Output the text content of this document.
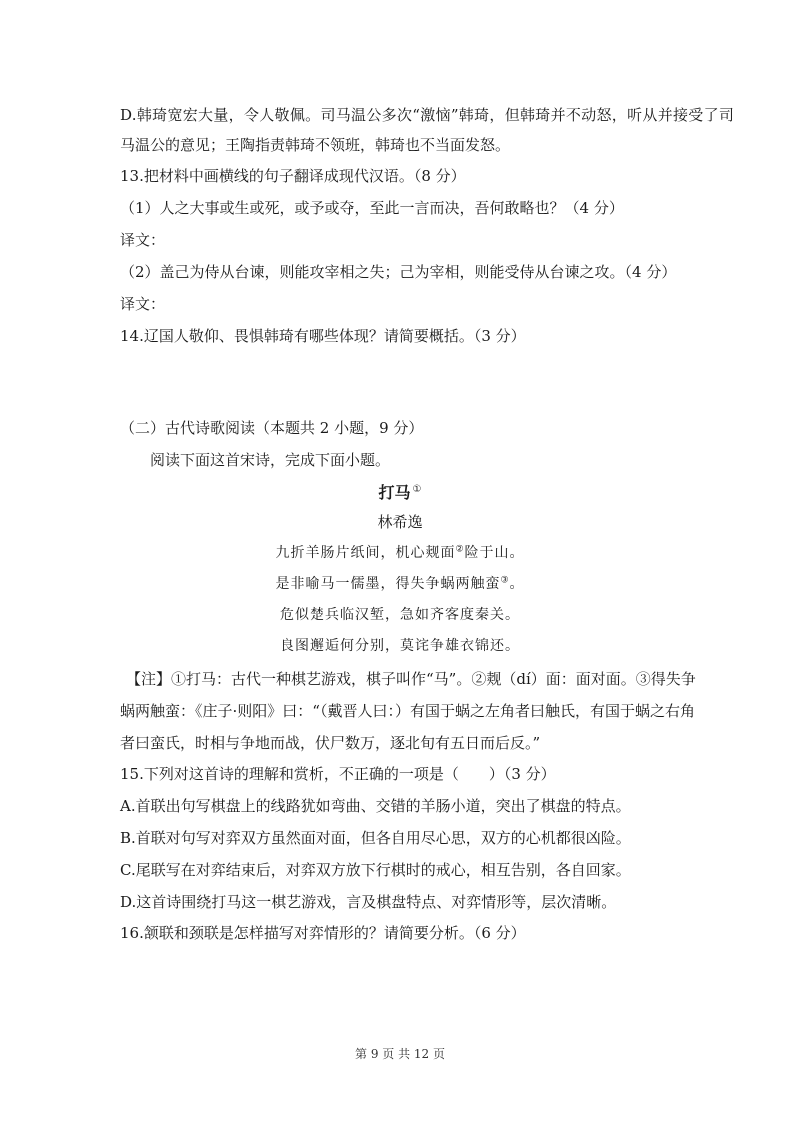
D.韩琦宽宏大量，令人敬佩。司马温公多次“激恼”韩琦，但韩琦并不动怒，听从并接受了司
马温公的意见；王陶指责韩琦不领班，韩琦也不当面发怒。
13.把材料中画横线的句子翻译成现代汉语。（8 分）
（1）人之大事或生或死，或予或夺，至此一言而决，吾何敢略也？（4 分）
译文：
（2）盖己为侍从台谏，则能攻宰相之失；己为宰相，则能受侍从台谏之攻。（4 分）
译文：
14.辽国人敬仰、畏惧韩琦有哪些体现？请简要概括。（3 分）
（二）古代诗歌阅读（本题共 2 小题，9 分）
阅读下面这首宋诗，完成下面小题。
打马 ①
林希逸
九折羊肠片纸间，机心觌面②险于山。
是非喻马一儒墨，得失争蜗两触蛮③。
危似楚兵临汉堑，急如齐客度秦关。
良图邂逅何分别，莫诧争雄衣锦还。
【注】①打马：古代一种棋艺游戏，棋子叫作“马”。②觌（dí）面：面对面。③得失争
蜗两触蛮：《庄子·则阳》曰：“（戴晋人曰：）有国于蜗之左角者曰触氏，有国于蜗之右角
者曰蛮氏，时相与争地而战，伏尸数万，逐北旬有五日而后反。”
15.下列对这首诗的理解和赏析，不正确的一项是（　　）（3 分）
A.首联出句写棋盘上的线路犹如弯曲、交错的羊肠小道，突出了棋盘的特点。
B.首联对句写对弈双方虽然面对面，但各自用尽心思，双方的心机都很凶险。
C.尾联写在对弈结束后，对弈双方放下行棋时的戒心，相互告别，各自回家。
D.这首诗围绕打马这一棋艺游戏，言及棋盘特点、对弈情形等，层次清晰。
16.颔联和颈联是怎样描写对弈情形的？请简要分析。（6 分）
第 9 页 共 12 页
